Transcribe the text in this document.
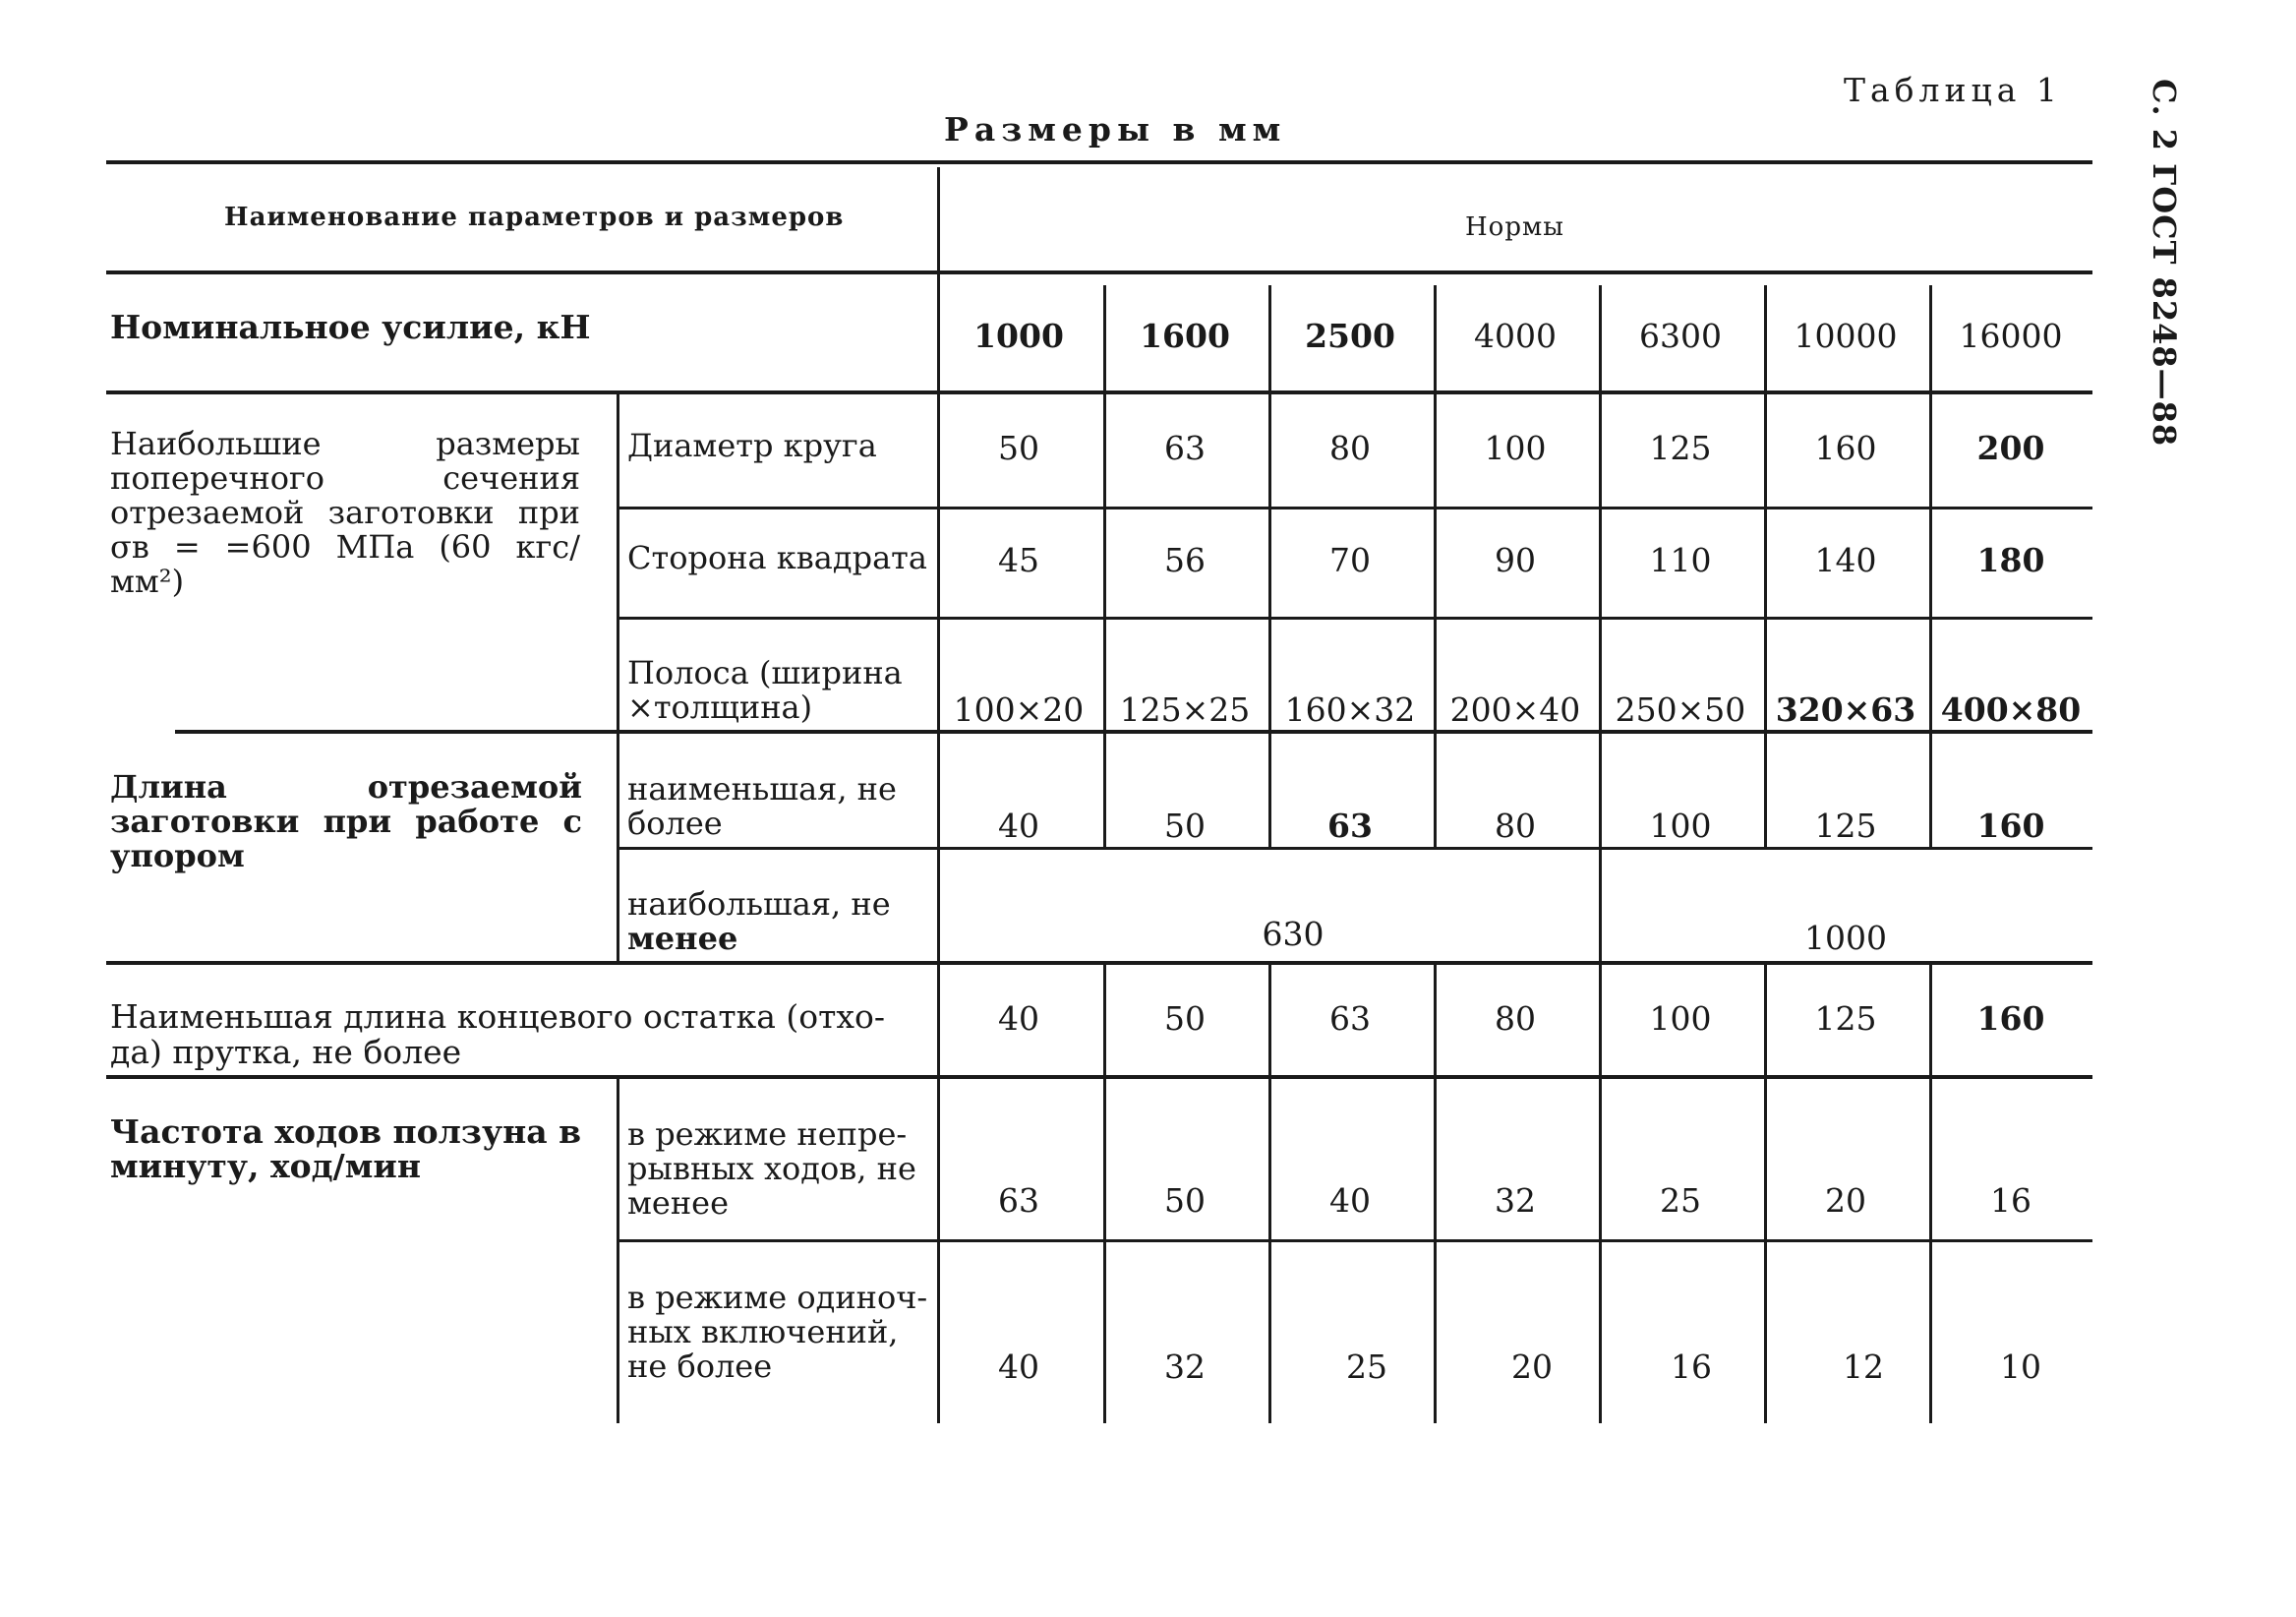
С. 2 ГОСТ 8248—88
Таблица 1
Размеры в мм
Наименование параметров и размеров	Нормы
Номинальное усилие, кН	1000	1600	2500	4000	6300	10000	16000
Наибольшие размеры поперечного сечения отрезаемой заготовки при σв = =600 МПа (60 кгс/мм²)
Диаметр круга	50	63	80	100	125	160	200
Сторона квадрата	45	56	70	90	110	140	180
Полоса (ширина
×толщина)	100×20	125×25	160×32	200×40	250×50 320×63 400×80
Длина отрезаемой заготовки при работе с упором
наименьшая, не
более	40	50	63	80	100	125	160
наибольшая, не
менее	630	1000
Наименьшая длина концевого остатка (отхо-
да) прутка, не более
40	50	63	80	100	125	160
Частота ходов ползуна в
минуту, ход/мин
в режиме непре-
рывных ходов, не
менее	63	50	40	32	25	20	16
в режиме одиноч-
ных включений,
не более	40	32	25	20	16	12	10
